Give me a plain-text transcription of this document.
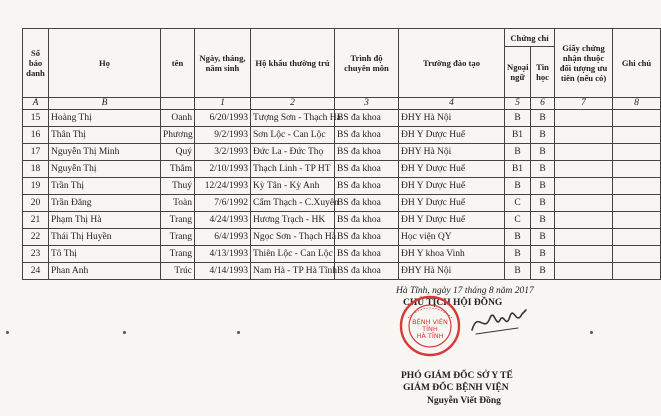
Số báo danh	Họ	tên	Ngày, tháng, năm sinh	Hộ khẩu thường trú	Trình độ chuyên môn	Trường đào tạo	Chứng chỉ		Giấy chứng nhận thuộc đối tượng ưu tiên (nếu có)	Ghi chú
							Ngoại ngữ	Tin học		
A	B		1	2	3	4	5	6	7	8
15	Hoàng Thị	Oanh	6/20/1993	Tượng Sơn - Thạch Hà	BS đa khoa	ĐHY Hà Nội	B	B		
16	Thân Thị	Phương	9/2/1993	Sơn Lộc - Can Lộc	BS đa khoa	ĐH Y Dược Huế	B1	B		
17	Nguyễn Thị Minh	Quý	3/2/1993	Đức La - Đức Thọ	BS đa khoa	ĐHY Hà Nội	B	B		
18	Nguyễn Thị	Thắm	2/10/1993	Thạch Linh - TP HT	BS đa khoa	ĐH Y Dược Huế	B1	B		
19	Trần Thị	Thuý	12/24/1993	Kỳ Tân - Kỳ Anh	BS đa khoa	ĐH Y Dược Huế	B	B		
20	Trần Đăng	Toàn	7/6/1992	Cẩm Thạch - C.Xuyên	BS đa khoa	ĐH Y Dược Huế	C	B		
21	Phạm Thị Hà	Trang	4/24/1993	Hương Trạch - HK	BS đa khoa	ĐH Y Dược Huế	C	B		
22	Thái Thị Huyền	Trang	6/4/1993	Ngọc Sơn - Thạch Hà	BS đa khoa	Học viện QY	B	B		
23	Tô Thị	Trang	4/13/1993	Thiên Lộc - Can Lộc	BS đa khoa	ĐH Y khoa Vinh	B	B		
24	Phan Anh	Trúc	4/14/1993	Nam Hà - TP Hà Tĩnh	BS đa khoa	ĐHY Hà Nội	B	B		
Hà Tĩnh, ngày 17 tháng 8 năm 2017
CHỦ TỊCH HỘI ĐỒNG
BỆNH VIỆN
TỈNH
HÀ TĨNH
PHÓ GIÁM ĐỐC SỞ Y TẾ
GIÁM ĐỐC BỆNH VIỆN
Nguyễn Viết Đồng
